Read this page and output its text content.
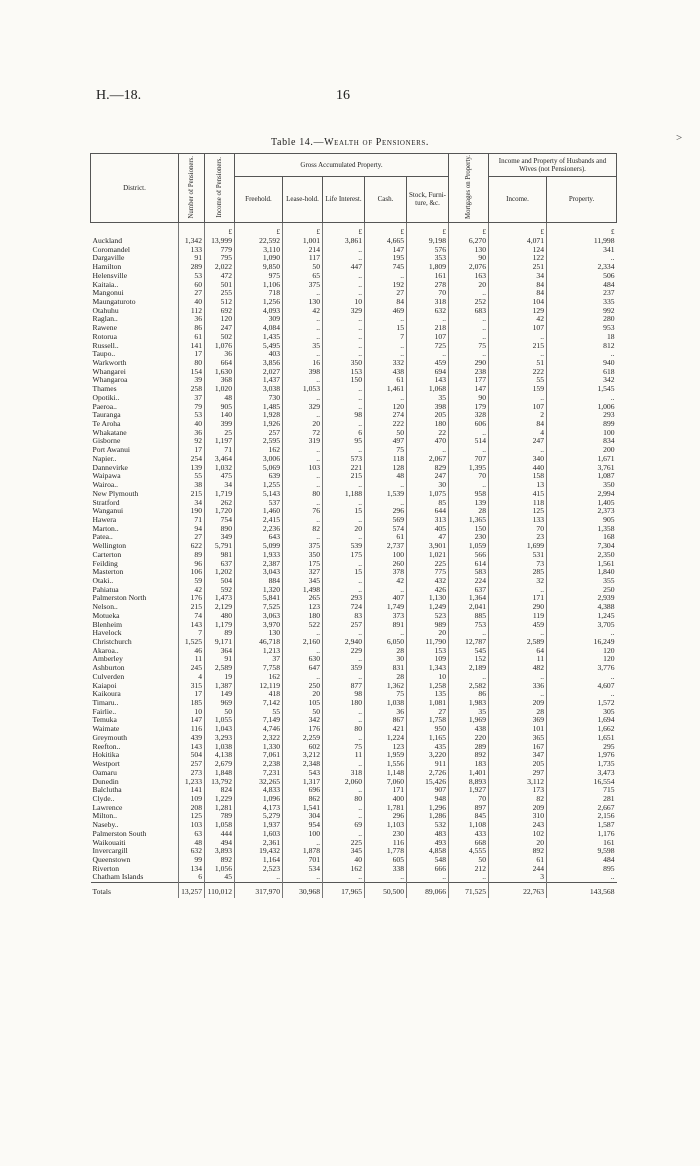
H.—18.	16
>
Table 14.—Wealth of Pensioners.
District.	Number of Pensioners.	Income of Pensioners.	Gross Accumulated Property.					Mortgages on Property.	Income and Property of Husbands and Wives (not Pensioners).	
			Freehold.	Lease-hold.	Life Interest.	Cash.	Stock, Furni-ture, &c.		Income.	Property.
		£	£	£	£	£	£	£	£	£
Auckland	1,342	13,999	22,592	1,001	3,861	4,665	9,198	6,270	4,071	11,998
Coromandel	133	779	3,110	214	..	147	576	130	124	341
Dargaville	91	795	1,090	117	..	195	353	90	122	..
Hamilton	289	2,022	9,850	50	447	745	1,809	2,076	251	2,334
Helensville	53	472	975	65	..	..	161	163	34	506
Kaitaia..	60	501	1,106	375	..	192	278	20	84	484
Mangonui	27	255	718	..	..	27	70	..	84	237
Maungaturoto	40	512	1,256	130	10	84	318	252	104	335
Otahuhu	112	692	4,093	42	329	469	632	683	129	992
Raglan..	36	120	309	..	..	..	..	..	42	280
Rawene	86	247	4,084	..	..	15	218	..	107	953
Rotorua	61	502	1,435	..	..	7	107	..	..	18
Russell..	141	1,076	5,495	35	..	..	725	75	215	812
Taupo..	17	36	403	..	..	..	..	..	..	..
Warkworth	80	664	3,856	16	350	332	459	290	51	940
Whangarei	154	1,630	2,027	398	153	438	694	238	222	618
Whangaroa	39	368	1,437	..	150	61	143	177	55	342
Thames	258	1,020	3,038	1,053	..	1,461	1,068	147	159	1,545
Opotiki..	37	48	730	..	..	..	35	90	..	..
Paeroa..	79	905	1,485	329	..	120	398	179	107	1,006
Tauranga	53	140	1,928	..	98	274	205	328	2	293
Te Aroha	40	399	1,926	20	..	222	180	606	84	899
Whakatane	36	25	257	72	6	50	22	..	4	100
Gisborne	92	1,197	2,595	319	95	497	470	514	247	834
Port Awanui	17	71	162	..	..	75	..	..	..	200
Napier..	254	3,464	3,006	..	573	118	2,067	707	340	1,671
Dannevirke	139	1,032	5,069	103	221	128	829	1,395	440	3,761
Waipawa	55	475	639	..	215	48	247	70	158	1,087
Wairoa..	38	34	1,255	..	..	..	30	..	13	350
New Plymouth	215	1,719	5,143	80	1,188	1,539	1,075	958	415	2,994
Stratford	34	262	537	..	..	..	85	139	118	1,405
Wanganui	190	1,720	1,460	76	15	296	644	28	125	2,373
Hawera	71	754	2,415	..	..	569	313	1,365	133	905
Marton..	94	890	2,236	82	20	574	405	150	70	1,358
Patea..	27	349	643	..	..	61	47	230	23	168
Wellington	622	5,791	5,099	375	539	2,737	3,901	1,059	1,699	7,304
Carterton	89	981	1,933	350	175	100	1,021	566	531	2,350
Feilding	96	637	2,387	175	..	260	225	614	73	1,561
Masterton	106	1,202	3,043	327	15	378	775	583	285	1,840
Otaki..	59	504	884	345	..	42	432	224	32	355
Pahiatua	42	592	1,320	1,498	..	..	426	637	..	250
Palmerston North	176	1,473	5,841	265	293	407	1,130	1,364	171	2,939
Nelson..	215	2,129	7,525	123	724	1,749	1,249	2,041	290	4,388
Motueka	74	480	3,063	180	83	373	523	885	119	1,245
Blenheim	143	1,179	3,970	522	257	891	989	753	459	3,705
Havelock	7	89	130	..	..	..	20	..	..	..
Christchurch	1,525	9,171	46,718	2,160	2,940	6,050	11,790	12,787	2,589	16,249
Akaroa..	46	364	1,213	..	229	28	153	545	64	120
Amberley	11	91	37	630	..	30	109	152	11	120
Ashburton	245	2,589	7,758	647	359	831	1,343	2,189	482	3,776
Culverden	4	19	162	..	..	28	10	..	..	..
Kaiapoi	315	1,387	12,119	250	877	1,362	1,258	2,582	336	4,607
Kaikoura	17	149	418	20	98	75	135	86	..	..
Timaru..	185	969	7,142	105	180	1,038	1,081	1,983	209	1,572
Fairlie..	10	50	55	50	..	36	27	35	28	305
Temuka	147	1,055	7,149	342	..	867	1,758	1,969	369	1,694
Waimate	116	1,043	4,746	176	80	421	950	438	101	1,662
Greymouth	439	3,293	2,322	2,259	..	1,224	1,165	220	365	1,651
Reefton..	143	1,038	1,330	602	75	123	435	289	167	295
Hokitika	504	4,138	7,061	3,212	11	1,959	3,220	892	347	1,976
Westport	257	2,679	2,238	2,348	..	1,556	911	183	205	1,735
Oamaru	273	1,848	7,231	543	318	1,148	2,726	1,401	297	3,473
Dunedin	1,233	13,792	32,265	1,317	2,060	7,060	15,426	8,893	3,112	16,554
Balclutha	141	824	4,833	696	..	171	907	1,927	173	715
Clyde..	109	1,229	1,096	862	80	400	948	70	82	281
Lawrence	208	1,281	4,173	1,541	..	1,781	1,296	897	209	2,667
Milton..	125	789	5,279	304	..	296	1,286	845	310	2,156
Naseby..	103	1,058	1,937	954	69	1,103	532	1,108	243	1,587
Palmerston South	63	444	1,603	100	..	230	483	433	102	1,176
Waikouaiti	48	494	2,361	..	225	116	493	668	20	161
Invercargill	632	3,893	19,432	1,878	345	1,778	4,858	4,555	892	9,598
Queenstown	99	892	1,164	701	40	605	548	50	61	484
Riverton	134	1,056	2,523	534	162	338	666	212	244	895
Chatham Islands	6	45	..	..	..	..	..	..	3	..
Totals	13,257	110,012	317,970	30,968	17,965	50,500	89,066	71,525	22,763	143,568
